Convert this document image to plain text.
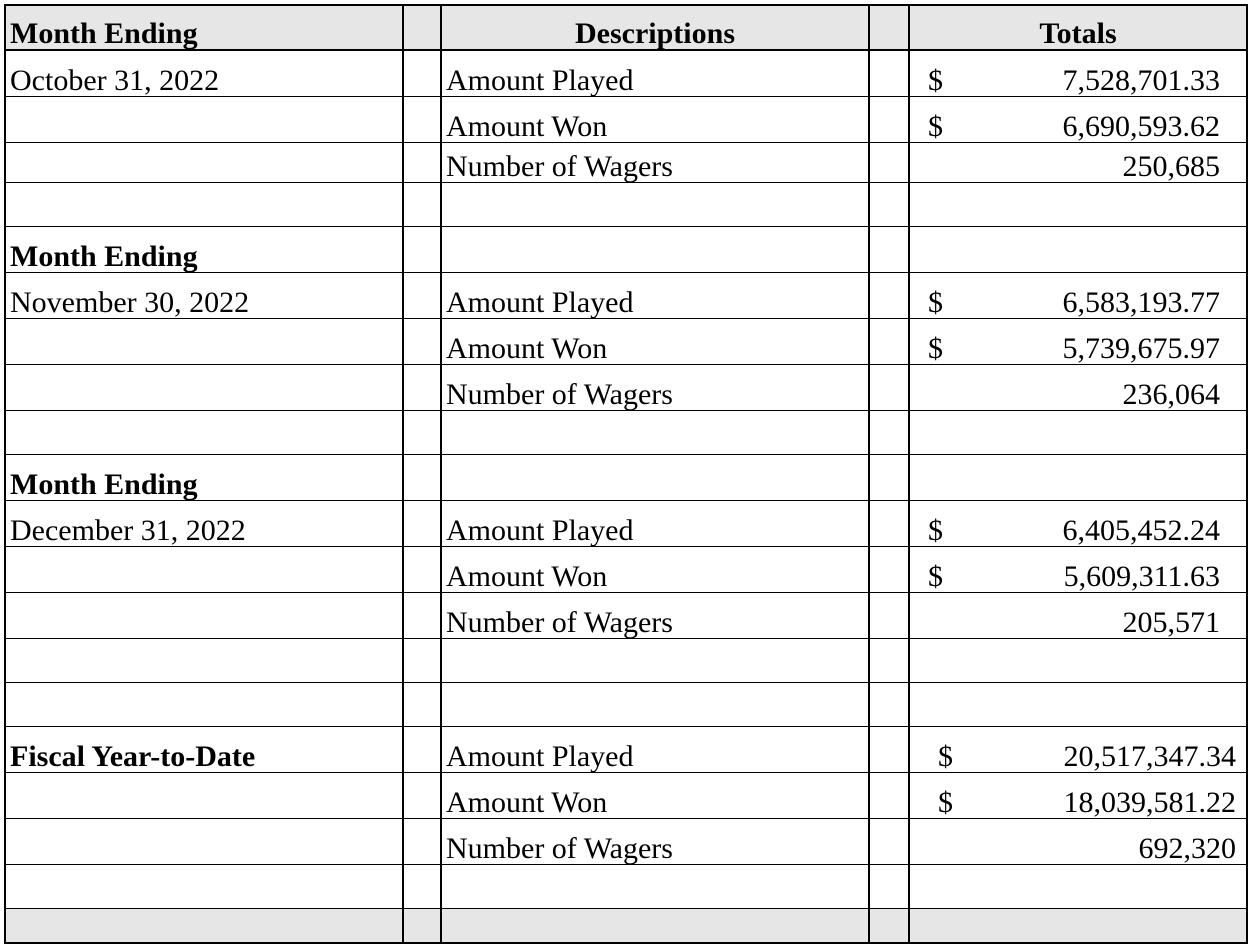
Month Ending		Descriptions		Totals
October 31, 2022		Amount Played		$ 7,528,701.33

		Amount Won		$ 6,690,593.62

		Number of Wagers		250,685

Month Ending				
November 30, 2022		Amount Played		$ 6,583,193.77

		Amount Won		$ 5,739,675.97

		Number of Wagers		236,064

Month Ending				
December 31, 2022		Amount Played		$ 6,405,452.24

		Amount Won		$ 5,609,311.63

		Number of Wagers		205,571

Fiscal Year-to-Date		Amount Played		$ 20,517,347.34

		Amount Won		$ 18,039,581.22

		Number of Wagers		692,320
